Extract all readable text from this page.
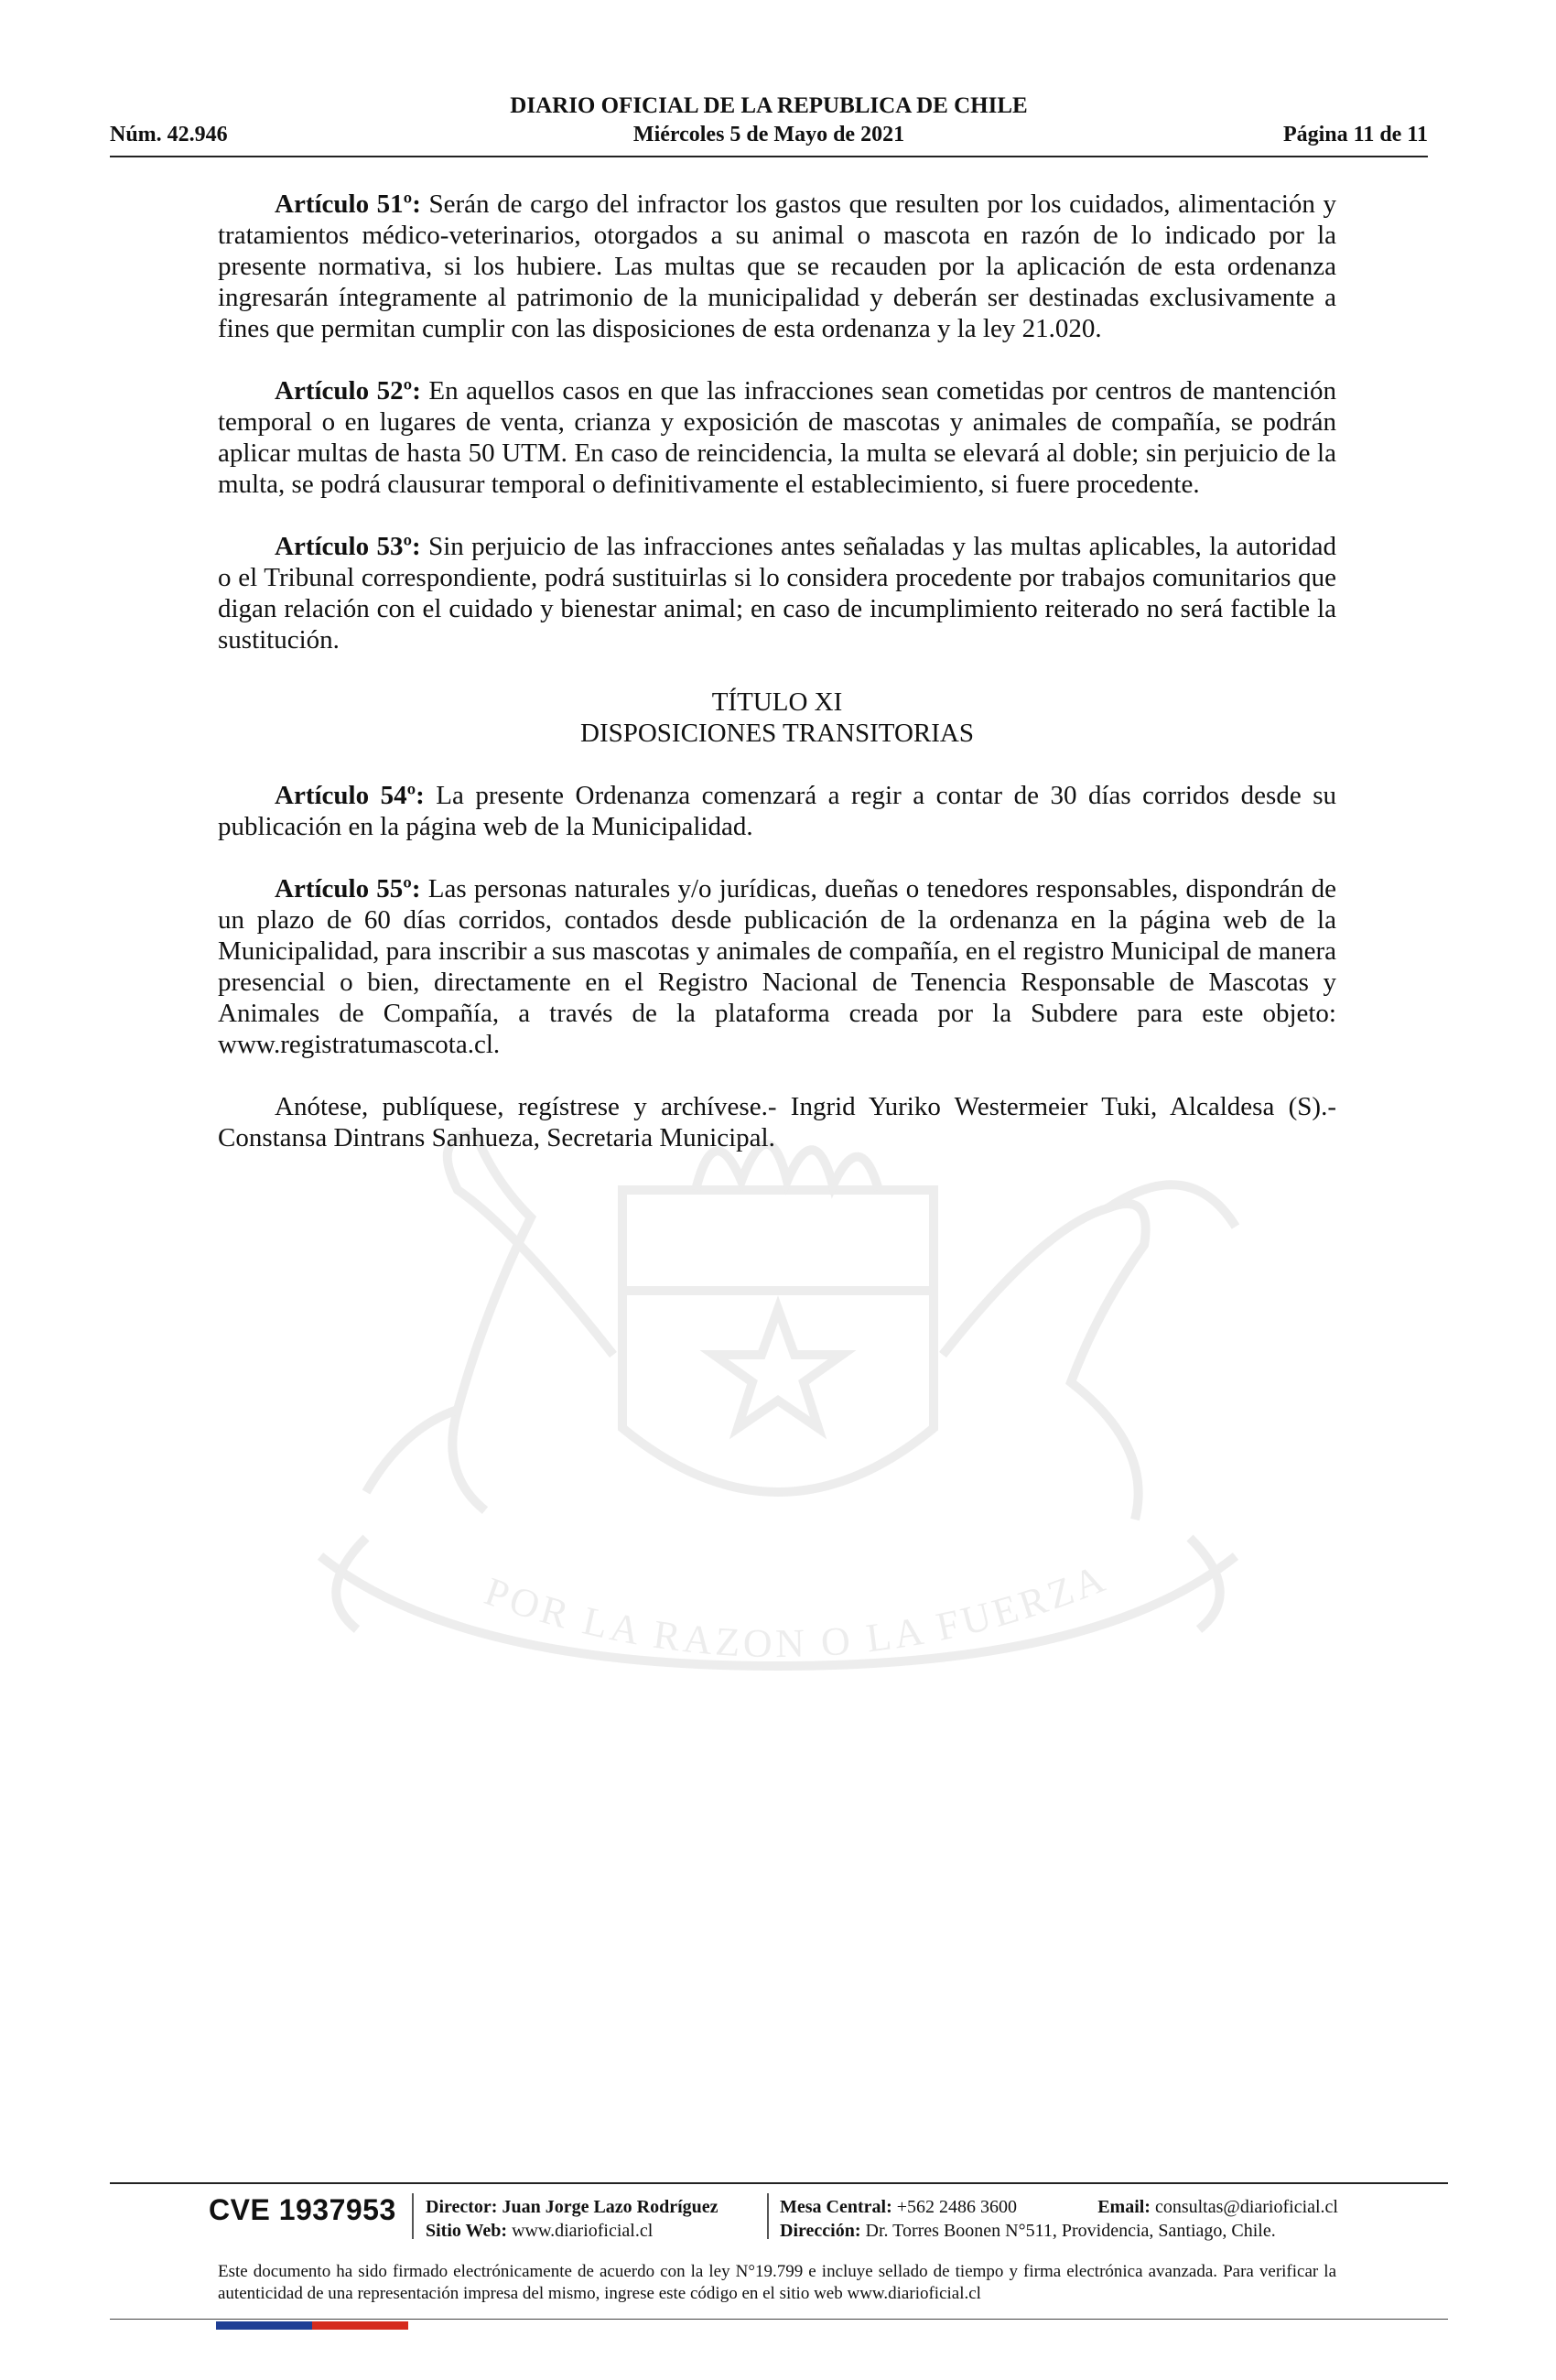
DIARIO OFICIAL DE LA REPUBLICA DE CHILE
Núm. 42.946	Miércoles 5 de Mayo de 2021	Página 11 de 11
POR LA RAZON O LA FUERZA

Artículo 51º: Serán de cargo del infractor los gastos que resulten por los cuidados, alimentación y tratamientos médico-veterinarios, otorgados a su animal o mascota en razón de lo indicado por la presente normativa, si los hubiere. Las multas que se recauden por la aplicación de esta ordenanza ingresarán íntegramente al patrimonio de la municipalidad y deberán ser destinadas exclusivamente a fines que permitan cumplir con las disposiciones de esta ordenanza y la ley 21.020.

Artículo 52º: En aquellos casos en que las infracciones sean cometidas por centros de mantención temporal o en lugares de venta, crianza y exposición de mascotas y animales de compañía, se podrán aplicar multas de hasta 50 UTM. En caso de reincidencia, la multa se elevará al doble; sin perjuicio de la multa, se podrá clausurar temporal o definitivamente el establecimiento, si fuere procedente.

Artículo 53º: Sin perjuicio de las infracciones antes señaladas y las multas aplicables, la autoridad o el Tribunal correspondiente, podrá sustituirlas si lo considera procedente por trabajos comunitarios que digan relación con el cuidado y bienestar animal; en caso de incumplimiento reiterado no será factible la sustitución.

TÍTULO XI
DISPOSICIONES TRANSITORIAS

Artículo 54º: La presente Ordenanza comenzará a regir a contar de 30 días corridos desde su publicación en la página web de la Municipalidad.

Artículo 55º: Las personas naturales y/o jurídicas, dueñas o tenedores responsables, dispondrán de un plazo de 60 días corridos, contados desde publicación de la ordenanza en la página web de la Municipalidad, para inscribir a sus mascotas y animales de compañía, en el registro Municipal de manera presencial o bien, directamente en el Registro Nacional de Tenencia Responsable de Mascotas y Animales de Compañía, a través de la plataforma creada por la Subdere para este objeto: www.registratumascota.cl.

Anótese, publíquese, regístrese y archívese.- Ingrid Yuriko Westermeier Tuki, Alcaldesa (S).- Constansa Dintrans Sanhueza, Secretaria Municipal.

CVE 1937953 Director: Juan Jorge Lazo Rodríguez
Sitio Web: www.diarioficial.cl
Mesa Central: +562 2486 3600	Email: consultas@diarioficial.cl
Dirección: Dr. Torres Boonen N°511, Providencia, Santiago, Chile.
Este documento ha sido firmado electrónicamente de acuerdo con la ley N°19.799 e incluye sellado de tiempo y firma electrónica avanzada. Para verificar la autenticidad de una representación impresa del mismo, ingrese este código en el sitio web www.diarioficial.cl
